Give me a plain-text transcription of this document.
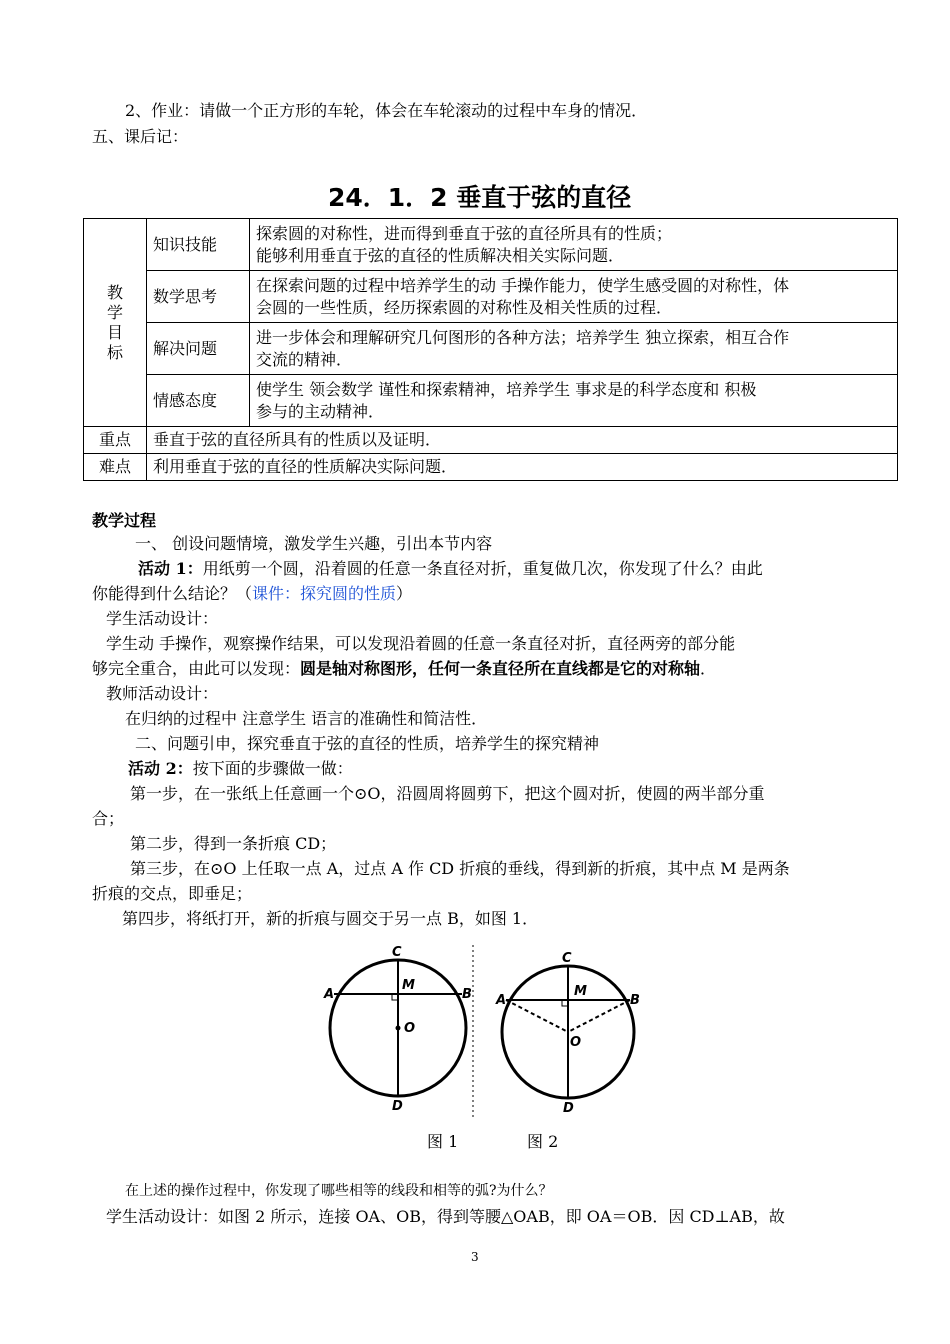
2、作业：请做一个正方形的车轮，体会在车轮滚动的过程中车身的情况．
五、课后记：
24．1．2 垂直于弦的直径
教学目标	知识技能	探索圆的对称性，进而得到垂直于弦的直径所具有的性质；
能够利用垂直于弦的直径的性质解决相关实际问题．

	数学思考	在探索问题的过程中培养学生的动 手操作能力，使学生感受圆的对称性，体
会圆的一些性质，经历探索圆的对称性及相关性质的过程．

	解决问题	进一步体会和理解研究几何图形的各种方法；培养学生 独立探索，相互合作
交流的精神．

	情感态度	使学生 领会数学 谨性和探索精神，培养学生 事求是的科学态度和 积极
参与的主动精神．

重点	垂直于弦的直径所具有的性质以及证明．	
难点	利用垂直于弦的直径的性质解决实际问题．	
教学过程
一、 创设问题情境，激发学生兴趣，引出本节内容
活动 1：用纸剪一个圆，沿着圆的任意一条直径对折，重复做几次，你发现了什么？由此
你能得到什么结论？（课件：探究圆的性质）
学生活动设计：
学生动 手操作，观察操作结果，可以发现沿着圆的任意一条直径对折，直径两旁的部分能
够完全重合，由此可以发现：圆是轴对称图形，任何一条直径所在直线都是它的对称轴．
教师活动设计：
在归纳的过程中 注意学生 语言的准确性和简洁性．
二、问题引申，探究垂直于弦的直径的性质，培养学生的探究精神
活动 2：按下面的步骤做一做：
第一步，在一张纸上任意画一个⊙O，沿圆周将圆剪下，把这个圆对折，使圆的两半部分重
合；
第二步，得到一条折痕 CD；
第三步，在⊙O 上任取一点 A，过点 A 作 CD 折痕的垂线，得到新的折痕，其中点 M 是两条
折痕的交点，即垂足；
第四步，将纸打开，新的折痕与圆交于另一点 B，如图 1．
C
A
M
B
O
D
C
A
M
B
O
D
图 1	图 2
在上述的操作过程中，你发现了哪些相等的线段和相等的弧?为什么？
学生活动设计：如图 2 所示，连接 OA、OB，得到等腰△OAB，即 OA＝OB．因 CD⊥AB，故
3
